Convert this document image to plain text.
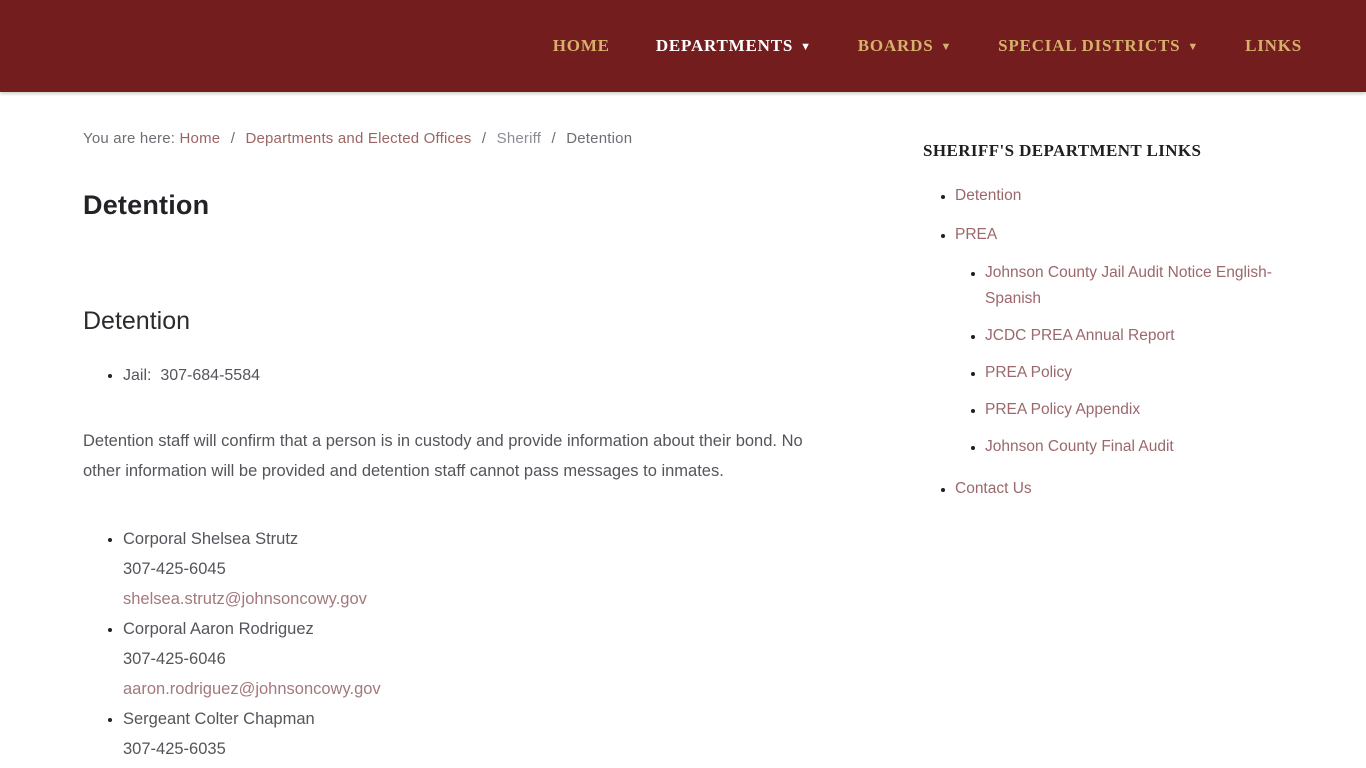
HOME	DEPARTMENTS ▼	BOARDS ▼	SPECIAL DISTRICTS ▼	LINKS
You are here: Home / Departments and Elected Offices / Sheriff / Detention
Detention
Detention
• Jail:  307-684-5584

Detention staff will confirm that a person is in custody and provide information about their bond. No other information will be provided and detention staff cannot pass messages to inmates.

• Corporal Shelsea Strutz
307-425-6045
shelsea.strutz@johnsoncowy.gov
• Corporal Aaron Rodriguez
307-425-6046
aaron.rodriguez@johnsoncowy.gov
• Sergeant Colter Chapman
307-425-6035
SHERIFF'S DEPARTMENT LINKS
• Detention
• PREA
• Johnson County Jail Audit Notice English-Spanish
• JCDC PREA Annual Report
• PREA Policy
• PREA Policy Appendix
• Johnson County Final Audit
• Contact Us
